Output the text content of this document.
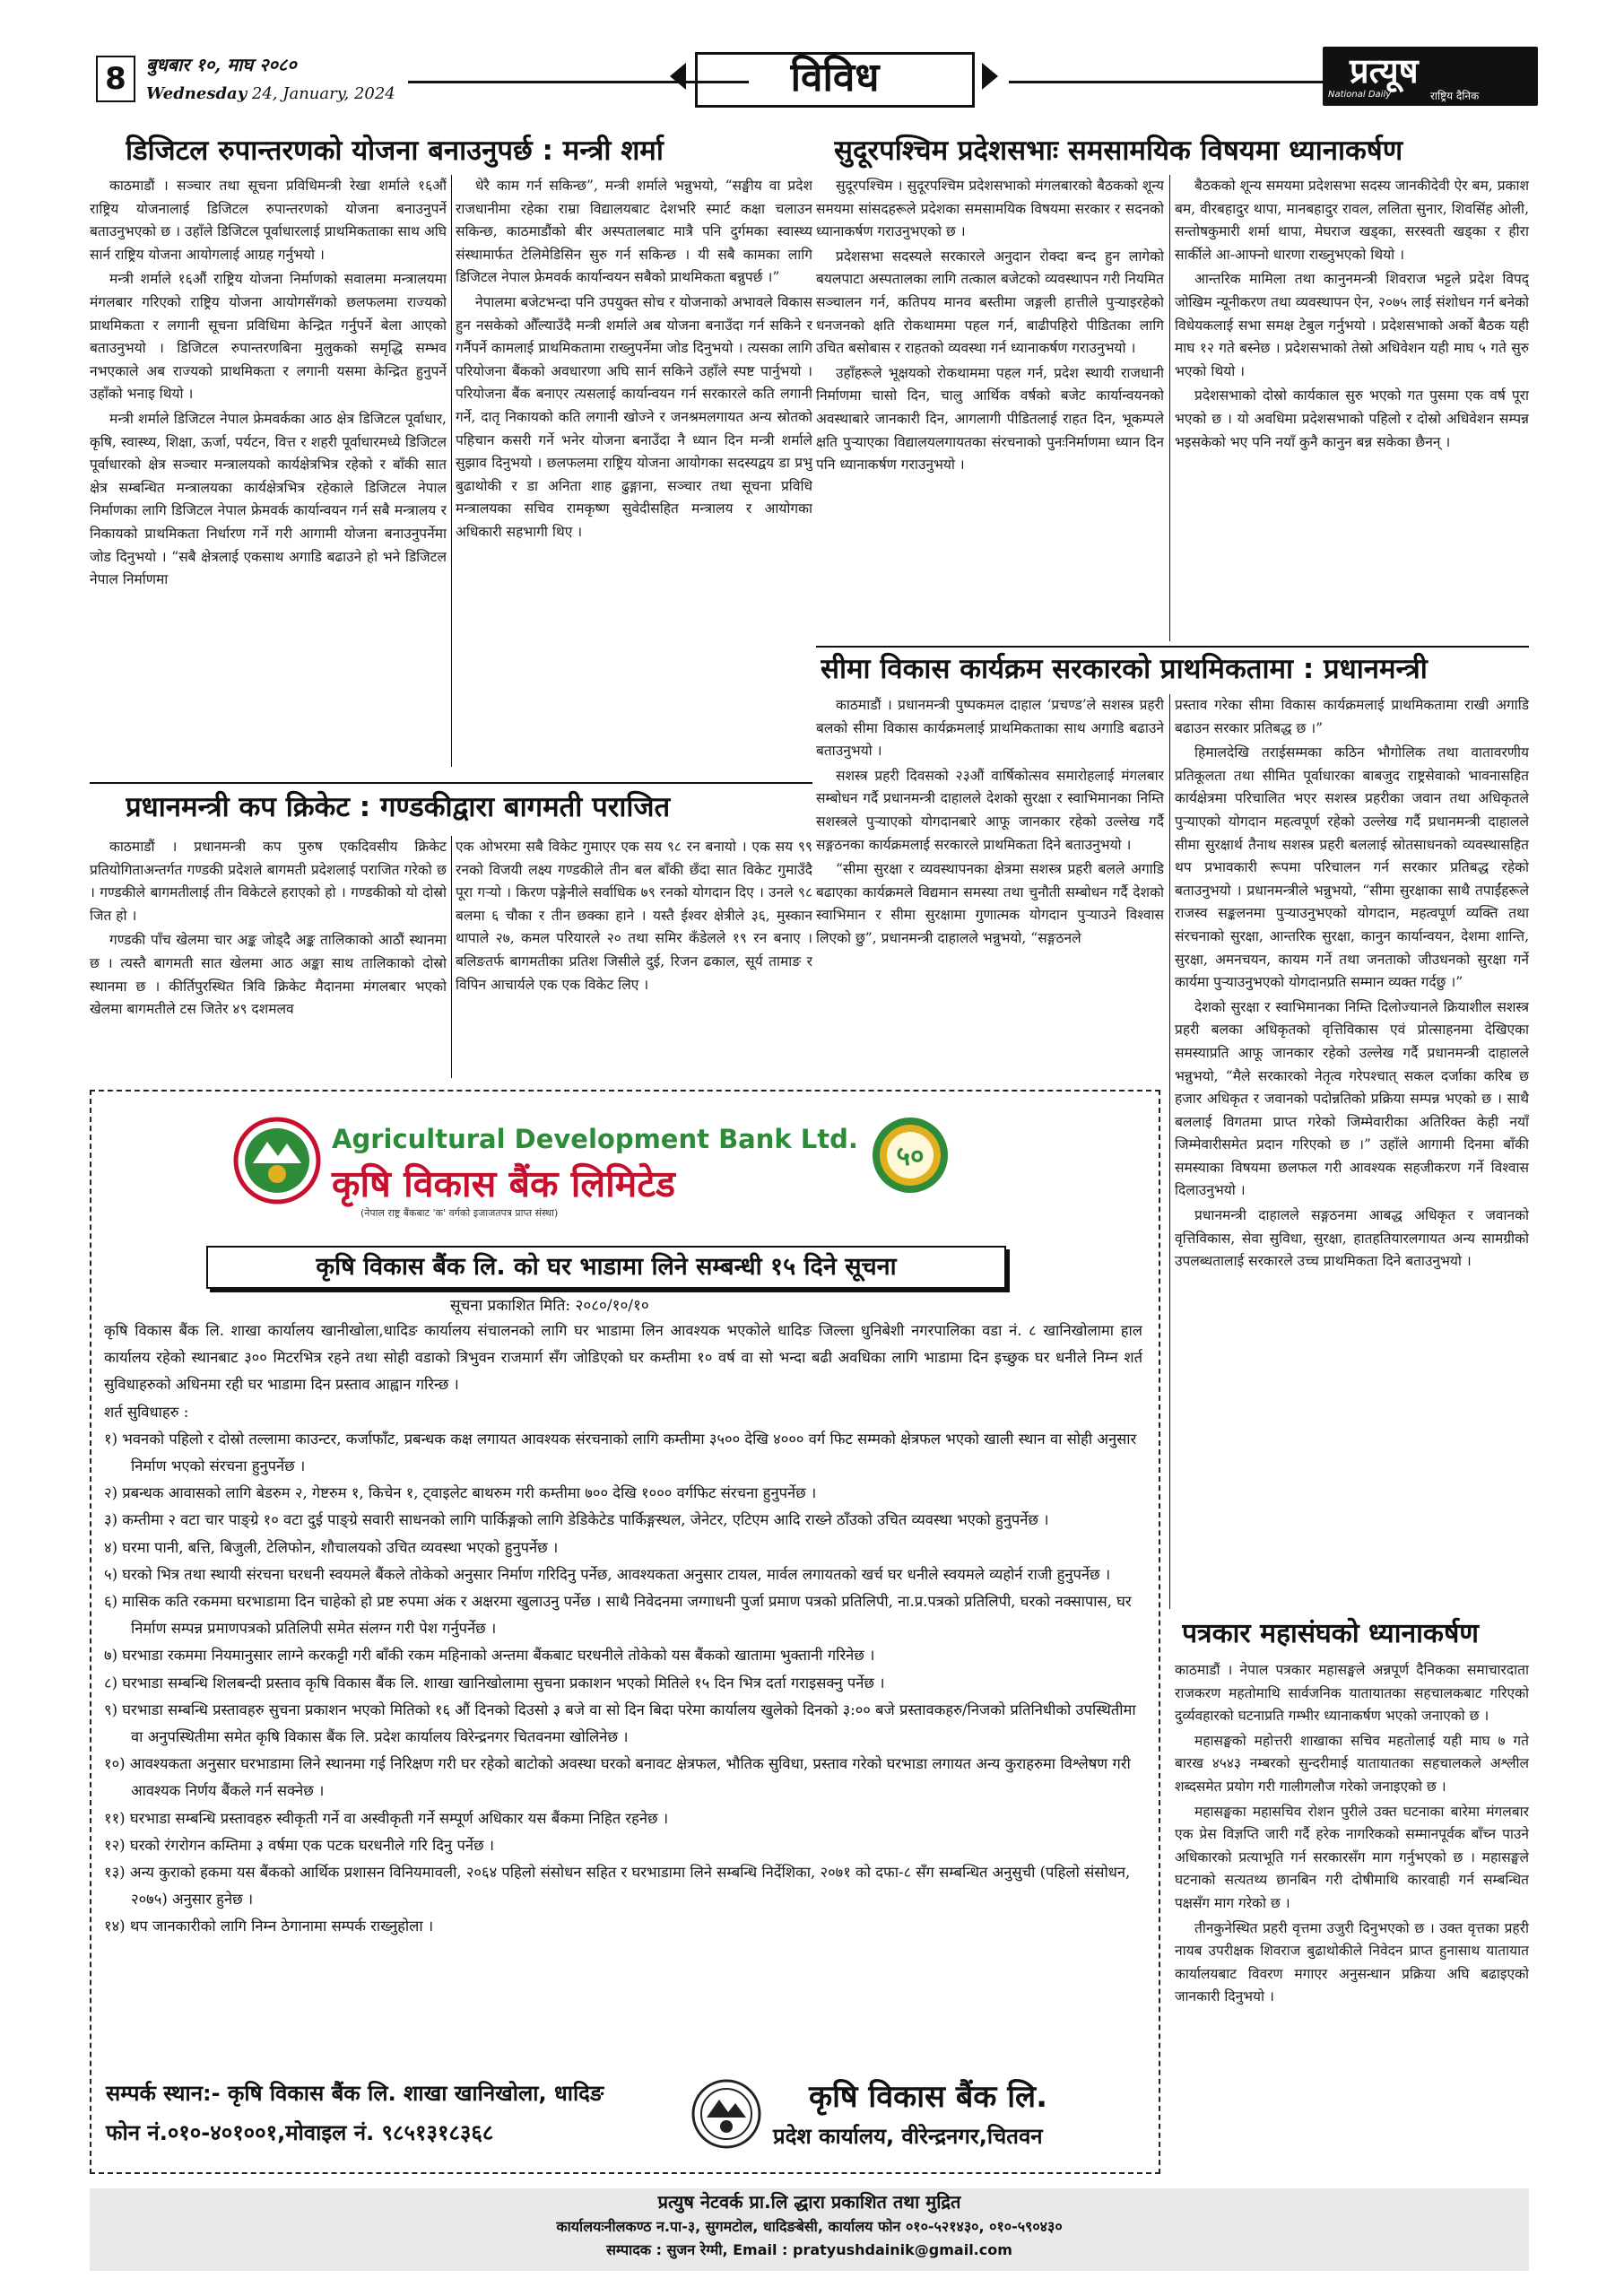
8	बुधबार १०, माघ २०८०
Wednesday 24, January, 2024	विविध	प्रत्यूष
National Daily	राष्ट्रिय दैनिक
डिजिटल रुपान्तरणको योजना बनाउनुपर्छ : मन्त्री शर्मा

काठमाडौं । सञ्चार तथा सूचना प्रविधिमन्त्री रेखा शर्माले १६औं राष्ट्रिय योजनालाई डिजिटल रुपान्तरणको योजना बनाउनुपर्ने बताउनुभएको छ । उहाँले डिजिटल पूर्वाधारलाई प्राथमिकताका साथ अघि सार्न राष्ट्रिय योजना आयोगलाई आग्रह गर्नुभयो ।

मन्त्री शर्माले १६औं राष्ट्रिय योजना निर्माणको सवालमा मन्त्रालयमा मंगलबार गरिएको राष्ट्रिय योजना आयोगसँगको छलफलमा राज्यको प्राथमिकता र लगानी सूचना प्रविधिमा केन्द्रित गर्नुपर्ने बेला आएको बताउनुभयो । डिजिटल रुपान्तरणबिना मुलुकको समृद्धि सम्भव नभएकाले अब राज्यको प्राथमिकता र लगानी यसमा केन्द्रित हुनुपर्ने उहाँको भनाइ थियो ।

मन्त्री शर्माले डिजिटल नेपाल फ्रेमवर्कका आठ क्षेत्र डिजिटल पूर्वाधार, कृषि, स्वास्थ्य, शिक्षा, ऊर्जा, पर्यटन, वित्त र शहरी पूर्वाधारमध्ये डिजिटल पूर्वाधारको क्षेत्र सञ्चार मन्त्रालयको कार्यक्षेत्रभित्र रहेको र बाँकी सात क्षेत्र सम्बन्धित मन्त्रालयका कार्यक्षेत्रभित्र रहेकाले डिजिटल नेपाल निर्माणका लागि डिजिटल नेपाल फ्रेमवर्क कार्यान्वयन गर्न सबै मन्त्रालय र निकायको प्राथमिकता निर्धारण गर्ने गरी आगामी योजना बनाउनुपर्नेमा जोड दिनुभयो । “सबै क्षेत्रलाई एकसाथ अगाडि बढाउने हो भने डिजिटल नेपाल निर्माणमा

धेरै काम गर्न सकिन्छ”, मन्त्री शर्माले भन्नुभयो, “सङ्घीय वा प्रदेश राजधानीमा रहेका राम्रा विद्यालयबाट देशभरि स्मार्ट कक्षा चलाउन सकिन्छ, काठमाडौंको बीर अस्पतालबाट मात्रै पनि दुर्गमका स्वास्थ्य संस्थामार्फत टेलिमेडिसिन सुरु गर्न सकिन्छ । यी सबै कामका लागि डिजिटल नेपाल फ्रेमवर्क कार्यान्वयन सबैको प्राथमिकता बन्नुपर्छ ।”

नेपालमा बजेटभन्दा पनि उपयुक्त सोच र योजनाको अभावले विकास हुन नसकेको औँल्याउँदै मन्त्री शर्माले अब योजना बनाउँदा गर्न सकिने र गर्नैपर्ने कामलाई प्राथमिकतामा राख्नुपर्नेमा जोड दिनुभयो । त्यसका लागि परियोजना बैंकको अवधारणा अघि सार्न सकिने उहाँले स्पष्ट पार्नुभयो । परियोजना बैंक बनाएर त्यसलाई कार्यान्वयन गर्न सरकारले कति लगानी गर्ने, दातृ निकायको कति लगानी खोज्ने र जनश्रमलगायत अन्य स्रोतको पहिचान कसरी गर्ने भनेर योजना बनाउँदा नै ध्यान दिन मन्त्री शर्माले सुझाव दिनुभयो । छलफलमा राष्ट्रिय योजना आयोगका सदस्यद्वय डा प्रभु बुढाथोकी र डा अनिता शाह ढुङ्गाना, सञ्चार तथा सूचना प्रविधि मन्त्रालयका सचिव रामकृष्ण सुवेदीसहित मन्त्रालय र आयोगका अधिकारी सहभागी थिए ।

प्रधानमन्त्री कप क्रिकेट : गण्डकीद्वारा बागमती पराजित

काठमाडौं । प्रधानमन्त्री कप पुरुष एकदिवसीय क्रिकेट प्रतियोगिताअन्तर्गत गण्डकी प्रदेशले बागमती प्रदेशलाई पराजित गरेको छ । गण्डकीले बागमतीलाई तीन विकेटले हराएको हो । गण्डकीको यो दोस्रो जित हो ।

गण्डकी पाँच खेलमा चार अङ्क जोड्दै अङ्क तालिकाको आठौं स्थानमा छ । त्यस्तै बागमती सात खेलमा आठ अङ्का साथ तालिकाको दोस्रो स्थानमा छ । कीर्तिपुरस्थित त्रिवि क्रिकेट मैदानमा मंगलबार भएको खेलमा बागमतीले टस जितेर ४९ दशमलव

एक ओभरमा सबै विकेट गुमाएर एक सय ९८ रन बनायो । एक सय ९९ रनको विजयी लक्ष्य गण्डकीले तीन बल बाँकी छँदा सात विकेट गुमाउँदै पूरा गऱ्यो । किरण पङ्गेनीले सर्वाधिक ७९ रनको योगदान दिए । उनले ९८ बलमा ६ चौका र तीन छक्का हाने । यस्तै ईश्वर क्षेत्रीले ३६, मुस्कान थापाले २७, कमल परियारले २० तथा समिर कँडेलले १९ रन बनाए । बलिङतर्फ बागमतीका प्रतिश जिसीले दुई, रिजन ढकाल, सूर्य तामाङ र विपिन आचार्यले एक एक विकेट लिए ।

सुदूरपश्चिम प्रदेशसभाः समसामयिक विषयमा ध्यानाकर्षण

सुदूरपश्चिम । सुदूरपश्चिम प्रदेशसभाको मंगलबारको बैठकको शून्य समयमा सांसदहरूले प्रदेशका समसामयिक विषयमा सरकार र सदनको ध्यानाकर्षण गराउनुभएको छ ।

प्रदेशसभा सदस्यले सरकारले अनुदान रोक्दा बन्द हुन लागेको बयलपाटा अस्पतालका लागि तत्काल बजेटको व्यवस्थापन गरी नियमित सञ्चालन गर्न, कतिपय मानव बस्तीमा जङ्गली हात्तीले पुऱ्याइरहेको धनजनको क्षति रोकथाममा पहल गर्न, बाढीपहिरो पीडितका लागि उचित बसोबास र राहतको व्यवस्था गर्न ध्यानाकर्षण गराउनुभयो ।

उहाँहरूले भूक्षयको रोकथाममा पहल गर्न, प्रदेश स्थायी राजधानी निर्माणमा चासो दिन, चालु आर्थिक वर्षको बजेट कार्यान्वयनको अवस्थाबारे जानकारी दिन, आगलागी पीडितलाई राहत दिन, भूकम्पले क्षति पुऱ्याएका विद्यालयलगायतका संरचनाको पुनःनिर्माणमा ध्यान दिन पनि ध्यानाकर्षण गराउनुभयो ।

बैठकको शून्य समयमा प्रदेशसभा सदस्य जानकीदेवी ऐर बम, प्रकाश बम, वीरबहादुर थापा, मानबहादुर रावल, ललिता सुनार, शिवसिंह ओली, सन्तोषकुमारी शर्मा थापा, मेघराज खड्का, सरस्वती खड्का र हीरा सार्कीले आ-आफ्नो धारणा राख्नुभएको थियो ।

आन्तरिक मामिला तथा कानुनमन्त्री शिवराज भट्टले प्रदेश विपद् जोखिम न्यूनीकरण तथा व्यवस्थापन ऐन, २०७५ लाई संशोधन गर्न बनेको विधेयकलाई सभा समक्ष टेबुल गर्नुभयो । प्रदेशसभाको अर्को बैठक यही माघ १२ गते बस्नेछ । प्रदेशसभाको तेस्रो अधिवेशन यही माघ ५ गते सुरु भएको थियो ।

प्रदेशसभाको दोस्रो कार्यकाल सुरु भएको गत पुसमा एक वर्ष पूरा भएको छ । यो अवधिमा प्रदेशसभाको पहिलो र दोस्रो अधिवेशन सम्पन्न भइसकेको भए पनि नयाँ कुनै कानुन बन्न सकेका छैनन् ।

सीमा विकास कार्यक्रम सरकारको प्राथमिकतामा : प्रधानमन्त्री

काठमाडौं । प्रधानमन्त्री पुष्पकमल दाहाल ‘प्रचण्ड’ले सशस्त्र प्रहरी बलको सीमा विकास कार्यक्रमलाई प्राथमिकताका साथ अगाडि बढाउने बताउनुभयो ।

सशस्त्र प्रहरी दिवसको २३औं वार्षिकोत्सव समारोहलाई मंगलबार सम्बोधन गर्दै प्रधानमन्त्री दाहालले देशको सुरक्षा र स्वाभिमानका निम्ति सशस्त्रले पुऱ्याएको योगदानबारे आफू जानकार रहेको उल्लेख गर्दै सङ्गठनका कार्यक्रमलाई सरकारले प्राथमिकता दिने बताउनुभयो ।

“सीमा सुरक्षा र व्यवस्थापनका क्षेत्रमा सशस्त्र प्रहरी बलले अगाडि बढाएका कार्यक्रमले विद्यमान समस्या तथा चुनौती सम्बोधन गर्दै देशको स्वाभिमान र सीमा सुरक्षामा गुणात्मक योगदान पुऱ्याउने विश्वास लिएको छु”, प्रधानमन्त्री दाहालले भन्नुभयो, “सङ्गठनले

प्रस्ताव गरेका सीमा विकास कार्यक्रमलाई प्राथमिकतामा राखी अगाडि बढाउन सरकार प्रतिबद्ध छ ।”

हिमालदेखि तराईसम्मका कठिन भौगोलिक तथा वातावरणीय प्रतिकूलता तथा सीमित पूर्वाधारका बाबजुद राष्ट्रसेवाको भावनासहित कार्यक्षेत्रमा परिचालित भएर सशस्त्र प्रहरीका जवान तथा अधिकृतले पुऱ्याएको योगदान महत्वपूर्ण रहेको उल्लेख गर्दै प्रधानमन्त्री दाहालले सीमा सुरक्षार्थ तैनाथ सशस्त्र प्रहरी बललाई स्रोतसाधनको व्यवस्थासहित थप प्रभावकारी रूपमा परिचालन गर्न सरकार प्रतिबद्ध रहेको बताउनुभयो । प्रधानमन्त्रीले भन्नुभयो, “सीमा सुरक्षाका साथै तपाईंहरूले राजस्व सङ्कलनमा पुऱ्याउनुभएको योगदान, महत्वपूर्ण व्यक्ति तथा संरचनाको सुरक्षा, आन्तरिक सुरक्षा, कानुन कार्यान्वयन, देशमा शान्ति, सुरक्षा, अमनचयन, कायम गर्ने तथा जनताको जीउधनको सुरक्षा गर्ने कार्यमा पुऱ्याउनुभएको योगदानप्रति सम्मान व्यक्त गर्दछु ।”

देशको सुरक्षा र स्वाभिमानका निम्ति दिलोज्यानले क्रियाशील सशस्त्र प्रहरी बलका अधिकृतको वृत्तिविकास एवं प्रोत्साहनमा देखिएका समस्याप्रति आफू जानकार रहेको उल्लेख गर्दै प्रधानमन्त्री दाहालले भन्नुभयो, “मैले सरकारको नेतृत्व गरेपश्चात् सकल दर्जाका करिब छ हजार अधिकृत र जवानको पदोन्नतिको प्रक्रिया सम्पन्न भएको छ । साथै बललाई विगतमा प्राप्त गरेको जिम्मेवारीका अतिरिक्त केही नयाँ जिम्मेवारीसमेत प्रदान गरिएको छ ।” उहाँले आगामी दिनमा बाँकी समस्याका विषयमा छलफल गरी आवश्यक सहजीकरण गर्ने विश्वास दिलाउनुभयो ।

प्रधानमन्त्री दाहालले सङ्गठनमा आबद्ध अधिकृत र जवानको वृत्तिविकास, सेवा सुविधा, सुरक्षा, हातहतियारलगायत अन्य सामग्रीको उपलब्धतालाई सरकारले उच्च प्राथमिकता दिने बताउनुभयो ।

पत्रकार महासंघको ध्यानाकर्षण

काठमाडौं । नेपाल पत्रकार महासङ्घले अन्नपूर्ण दैनिकका समाचारदाता राजकरण महतोमाथि सार्वजनिक यातायातका सहचालकबाट गरिएको दुर्व्यवहारको घटनाप्रति गम्भीर ध्यानाकर्षण भएको जनाएको छ ।

महासङ्घको महोत्तरी शाखाका सचिव महतोलाई यही माघ ७ गते बारख ४५४३ नम्बरको सुन्दरीमाई यातायातका सहचालकले अश्लील शब्दसमेत प्रयोग गरी गालीगलौज गरेको जनाइएको छ ।

महासङ्घका महासचिव रोशन पुरीले उक्त घटनाका बारेमा मंगलबार एक प्रेस विज्ञप्ति जारी गर्दै हरेक नागरिकको सम्मानपूर्वक बाँच्न पाउने अधिकारको प्रत्याभूति गर्न सरकारसँग माग गर्नुभएको छ । महासङ्घले घटनाको सत्यतथ्य छानबिन गरी दोषीमाथि कारवाही गर्न सम्बन्धित पक्षसँग माग गरेको छ ।

तीनकुनेस्थित प्रहरी वृत्तमा उजुरी दिनुभएको छ । उक्त वृत्तका प्रहरी नायब उपरीक्षक शिवराज बुढाथोकीले निवेदन प्राप्त हुनासाथ यातायात कार्यालयबाट विवरण मगाएर अनुसन्धान प्रक्रिया अघि बढाइएको जानकारी दिनुभयो ।

Agricultural Development Bank Ltd.
कृषि विकास बैंक लिमिटेड
(नेपाल राष्ट्र बैंकबाट 'क' वर्गको इजाजतपत्र प्राप्त संस्था)
५०
कृषि विकास बैंक लि. को घर भाडामा लिने सम्बन्धी १५ दिने सूचना
सूचना प्रकाशित मिति: २०८०/१०/१०

कृषि विकास बैंक लि. शाखा कार्यालय खानीखोला,धादिङ कार्यालय संचालनको लागि घर भाडामा लिन आवश्यक भएकोले धादिङ जिल्ला धुनिबेशी नगरपालिका वडा नं. ८ खानिखोलामा हाल कार्यालय रहेको स्थानबाट ३०० मिटरभित्र रहने तथा सोही वडाको त्रिभुवन राजमार्ग सँग जोडिएको घर कम्तीमा १० वर्ष वा सो भन्दा बढी अवधिका लागि भाडामा दिन इच्छुक घर धनीले निम्न शर्त सुविधाहरुको अधिनमा रही घर भाडामा दिन प्रस्ताव आह्वान गरिन्छ ।

शर्त सुविधाहरु :

१) भवनको पहिलो र दोस्रो तल्लामा काउन्टर, कर्जाफाँट, प्रबन्धक कक्ष लगायत आवश्यक संरचनाको लागि कम्तीमा ३५०० देखि ४००० वर्ग फिट सम्मको क्षेत्रफल भएको खाली स्थान वा सोही अनुसार निर्माण भएको संरचना हुनुपर्नेछ ।

२) प्रबन्धक आवासको लागि बेडरुम २, गेष्टरुम १, किचेन १, ट्वाइलेट बाथरुम गरी कम्तीमा ७०० देखि १००० वर्गफिट संरचना हुनुपर्नेछ ।

३) कम्तीमा २ वटा चार पाङ्ग्रे १० वटा दुई पाङ्ग्रे सवारी साधनको लागि पार्किङ्गको लागि डेडिकेटेड पार्किङ्गस्थल, जेनेटर, एटिएम आदि राख्ने ठाँउको उचित व्यवस्था भएको हुनुपर्नेछ ।

४) घरमा पानी, बत्ति, बिजुली, टेलिफोन, शौचालयको उचित व्यवस्था भएको हुनुपर्नेछ ।

५) घरको भित्र तथा स्थायी संरचना घरधनी स्वयमले बैंकले तोकेको अनुसार निर्माण गरिदिनु पर्नेछ, आवश्यकता अनुसार टायल, मार्वल लगायतको खर्च घर धनीले स्वयमले व्यहोर्न राजी हुनुपर्नेछ ।

६) मासिक कति रकममा घरभाडामा दिन चाहेको हो प्रष्ट रुपमा अंक र अक्षरमा खुलाउनु पर्नेछ । साथै निवेदनमा जग्गाधनी पुर्जा प्रमाण पत्रको प्रतिलिपी, ना.प्र.पत्रको प्रतिलिपी, घरको नक्सापास, घर निर्माण सम्पन्न प्रमाणपत्रको प्रतिलिपी समेत संलग्न गरी पेश गर्नुपर्नेछ ।

७) घरभाडा रकममा नियमानुसार लाग्ने करकट्टी गरी बाँकी रकम महिनाको अन्तमा बैंकबाट घरधनीले तोकेको यस बैंकको खातामा भुक्तानी गरिनेछ ।

८) घरभाडा सम्बन्धि शिलबन्दी प्रस्ताव कृषि विकास बैंक लि. शाखा खानिखोलामा सुचना प्रकाशन भएको मितिले १५ दिन भित्र दर्ता गराइसक्नु पर्नेछ ।

९) घरभाडा सम्बन्धि प्रस्तावहरु सुचना प्रकाशन भएको मितिको १६ औं दिनको दिउसो ३ बजे वा सो दिन बिदा परेमा कार्यालय खुलेको दिनको ३:०० बजे प्रस्तावकहरु/निजको प्रतिनिधीको उपस्थितीमा वा अनुपस्थितीमा समेत कृषि विकास बैंक लि. प्रदेश कार्यालय विरेन्द्रनगर चितवनमा खोलिनेछ ।

१०) आवश्यकता अनुसार घरभाडामा लिने स्थानमा गई निरिक्षण गरी घर रहेको बाटोको अवस्था घरको बनावट क्षेत्रफल, भौतिक सुविधा, प्रस्ताव गरेको घरभाडा लगायत अन्य कुराहरुमा विश्लेषण गरी आवश्यक निर्णय बैंकले गर्न सक्नेछ ।

११) घरभाडा सम्बन्धि प्रस्तावहरु स्वीकृती गर्ने वा अस्वीकृती गर्ने सम्पूर्ण अधिकार यस बैंकमा निहित रहनेछ ।

१२) घरको रंगरोगन कम्तिमा ३ वर्षमा एक पटक घरधनीले गरि दिनु पर्नेछ ।

१३) अन्य कुराको हकमा यस बैंकको आर्थिक प्रशासन विनियमावली, २०६४ पहिलो संसोधन सहित र घरभाडामा लिने सम्बन्धि निर्देशिका, २०७१ को दफा-८ सँग सम्बन्धित अनुसुची (पहिलो संसोधन, २०७५) अनुसार हुनेछ ।

१४) थप जानकारीको लागि निम्न ठेगानामा सम्पर्क राख्नुहोला ।

सम्पर्क स्थान:- कृषि विकास बैंक लि. शाखा खानिखोला, धादिङ
फोन नं.०१०-४०१००१,मोवाइल नं. ९८५१३१८३६८
कृषि विकास बैंक लि.
प्रदेश कार्यालय, वीरेन्द्रनगर,चितवन
प्रत्युष नेटवर्क प्रा.लि द्धारा प्रकाशित तथा मुद्रित
कार्यालयःनीलकण्ठ न.पा-३, सुगमटोल, धादिङबेसी, कार्यालय फोन ०१०-५२१४३०, ०१०-५९०४३०
सम्पादक : सुजन रेग्मी, Email : pratyushdainik@gmail.com
